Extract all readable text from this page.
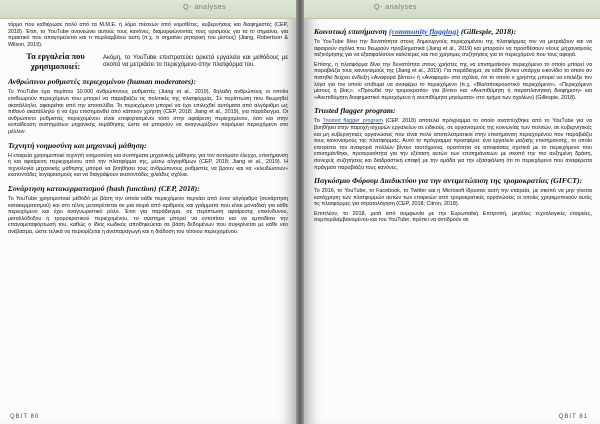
Q- analyses

τόρμο που καθιέρωσε πολύ από τα Μ.Μ.Ε. ή λόμο πιέσεων από νομοθέτες, κυβερνήσεις και διαφημιστές (CEP, 2018). Έτσι, το YouTube ανανεώνει αυτούς τους κανόνες, διαμορφώνοντας τους ορισμούς για τα το σημαίνει, για πρακτικό που απαγορεύεται και τι περιλαμβάνει αυτή (π.χ. τι σημαίνει ρητορική του μίσους) (Jiang, Robertson & Wilson, 2019).

Τα εργαλεία που χρησιμοποιεί:
Ακόμη, το YouTube επιστρατεύει αρκετά εργαλεία και μεθόδους με σκοπό να μετριάσει το περιεχόμενο στην πλατφόρμα του.
Ανθρώπινοι ρυθμιστές περιεχομένου (human moderators):

Το YouTube έχει περίπου 10.000 ανθρώπινους ρυθμιστές (Jiang et al., 2019), δηλαδή ανθρώπους οι οποίοι επιθεωρούν περιεχόμενο που μπορεί να παραβιάζει τις πολιτικές της πλατφόρμας. Σε περίπτωση που θεωρηθεί ακατάλληλο, αφαιρείται από την ιστοσελίδα. Το περιεχόμενο μπορεί να έχει επιλεχθεί αυτόματα από αλγόριθμο ως πιθανό ακατάλληλο ή να έχει επισημανθεί από κάποιον χρήστη (CEP, 2018; Jiang et al., 2019), για παράδειγμα. Οι ανθρώπινοι ρυθμιστές περιεχομένου είναι επιφορτισμένοι τόσο στην αφαίρεση περιεχομένου, όσο και στην εκπαίδευση συστημάτων μηχανικής εκμάθησης ώστε να μπορούν να αναγνωρίζουν παρόμοιο περιεχόμενο στο μέλλον.

Τεχνητή νοημοσύνη και μηχανική μάθηση:

Η εταιρεία χρησιμοποιεί τεχνητή νοημοσύνη και συστήματα μηχανικής μάθησης για τον αυτόματο έλεγχο, επισήμανση ή και αφαίρεση περιεχομένου από την πλατφόρμα της, μέσω αλγορίθμων (CEP, 2018; Jiang et al., 2019). Η τεχνολογία μηχανικής μάθησης μπορεί να βοηθήσει τους ανθρώπινους ρυθμιστές να βρουν και να «κλειδώσουν» εκατοντάδες λογαριασμούς και να διαγράψουν εκατοντάδες χιλιάδες σχόλια.

Συνάρτηση κατακερματισμού (hash function) (CEP, 2018):

Το YouTube χρησιμοποιεί μέθοδό με βάση την οποία κάθε περιεχόμενο περνάει από έναν αλγόριθμο (συνάρτηση κατακερματισμού) και στο τέλος μετατρέπεται σε μια σειρά από αριθμούς και γράμματα που είναι μοναδική για κάθε περιεχόμενο και έχει αναγνωριστικό ρόλο. Έτσι για παράδειγμα, σε περίπτωση αφαίρεσης επικίνδυνου, μισαλλόδοξου ή τρομοκρατικού περιεχομένου, το σύστημα μπορεί να εντοπίσει και να εμποδίσει την επαναμεταφόρτωσή του, καθώς ο ίδιος κωδικός αποθηκεύεται σε βάση δεδομένων που συγκρίνεται με κάθε νέο ανέβασμα, ώστε τελικά να περιορίζεται η αναπαραγωγή και η διάδοση του τέτοιου περιεχομένου.

QBIT 80
Q- analyses
Κοινοτική επισήμανση (community flagging) (Gillespie, 2018):

Το YouTube δίνει την δυνατότητα στους δημιουργούς περιεχομένου της πλατφόρμας τον να μετριάζουν και να αφαιρούν σχόλια που θεωρούν προβληματικά (Jiang et al., 2019) και μπορούν να προσθέσουν νέους μηχανισμούς ταξινόμησης για να εξασφαλίσουν καλύτερες και πιο χρήσιμες συζητήσεις για το περιεχόμενο που τους αφορά.

Επίσης, η πλατφόρμα δίνει την δυνατότητα στους χρήστες της να επισημαίνουν περιεχόμενο το οποίο μπορεί να παραβιάζει τους κανονισμούς της (Jiang et al., 2019). Για παράδειγμα, σε κάθε βίντεο υπάρχει εικονίδιο το οποίο αν πατηθεί δείχνει ένδειξη «Αναφορά βίντεο» ή «Αναφορά» στα σχόλια, ότι το οποίο ο χρήστης μπορεί να επιλέξει τον λόγο για τον οποίο επιθυμεί να αναφέρει το περιεχόμενο (π.χ. «Βία/αποκρουστικό περιεχόμενο», «Περιεχόμενο μίσους ή βίας», «Προωθεί την τρομοκρατία» για βίντεο και «Ανεπιθύμητη ή παραπλανητική διαφήμιση» και «Ανεπιθύμητη διαφημιστικό περιεχόμενο ή ανεπιθύμητα μηνύματα» στο τμήμα των σχολίων) (Gillespie, 2018).

Trusted flagger program:

Το Trusted flagger program (CEP, 2018) αποτελεί πρόγραμμα το οποίο αναπτύχθηκε από το YouTube για να βοηθήσει στην παροχή ισχυρών εργαλείων σε ειδικούς, σε οργανισμούς της κοινωνίας των πολιτών, σε κυβερνητικές και μη κυβερνητικές οργανώσεις που είναι πολύ αποτελεσματικοί στην επισήμανση περιεχομένου που παραβιάζει τους κανονισμούς της πλατφόρμας. Αυτό το πρόγραμμα προσφέρει: ένα εργαλείο μαζικής επισήμανσης, το οποίο επιτρέπει την αναφορά πολλών βίντεο ταυτόχρονα, ορατότητα σε αποφάσεις σχετικά με το περιεχόμενο που επισημάνθηκε, προτεραιότητα για την εξέταση αυτών των επισημάνσεων με σκοπό την πιο αυξημένη δράση, συνεχείς συζητήσεις και διαδραστική επαφή με την ομάδα για την εξασφάλιση ότι το περιεχόμενο που αναφέρεται πράγματι παραβιάζει τους κανόνες.

Παγκόσμιο Φόρουμ Διαδικτύου για την αντιμετώπιση της τρομοκρατίας (GIFCT):

Το 2016, το YouTube, το Facebook, το Twitter και η Microsoft ίδρυσαν αυτή την εταιρεία, με σκοπό να μην γίνεται κατάχρηση των πλατφορμών αυτών των εταιρειών από τρομοκρατικές οργανώσεις οι οποίες χρησιμοποιούν αυτές τις πλατφόρμες για στρατολόγηση (CEP, 2018; Citron, 2018).

Επιπλέον, το 2018, μετά από συμφωνία με την Ευρωπαϊκή Επιτροπή, μεγάλες τεχνολογικές εταιρείες, συμπεριλαμβανομένου και του YouTube, πρέπει να αντιδρούν σε

QBIT 81
